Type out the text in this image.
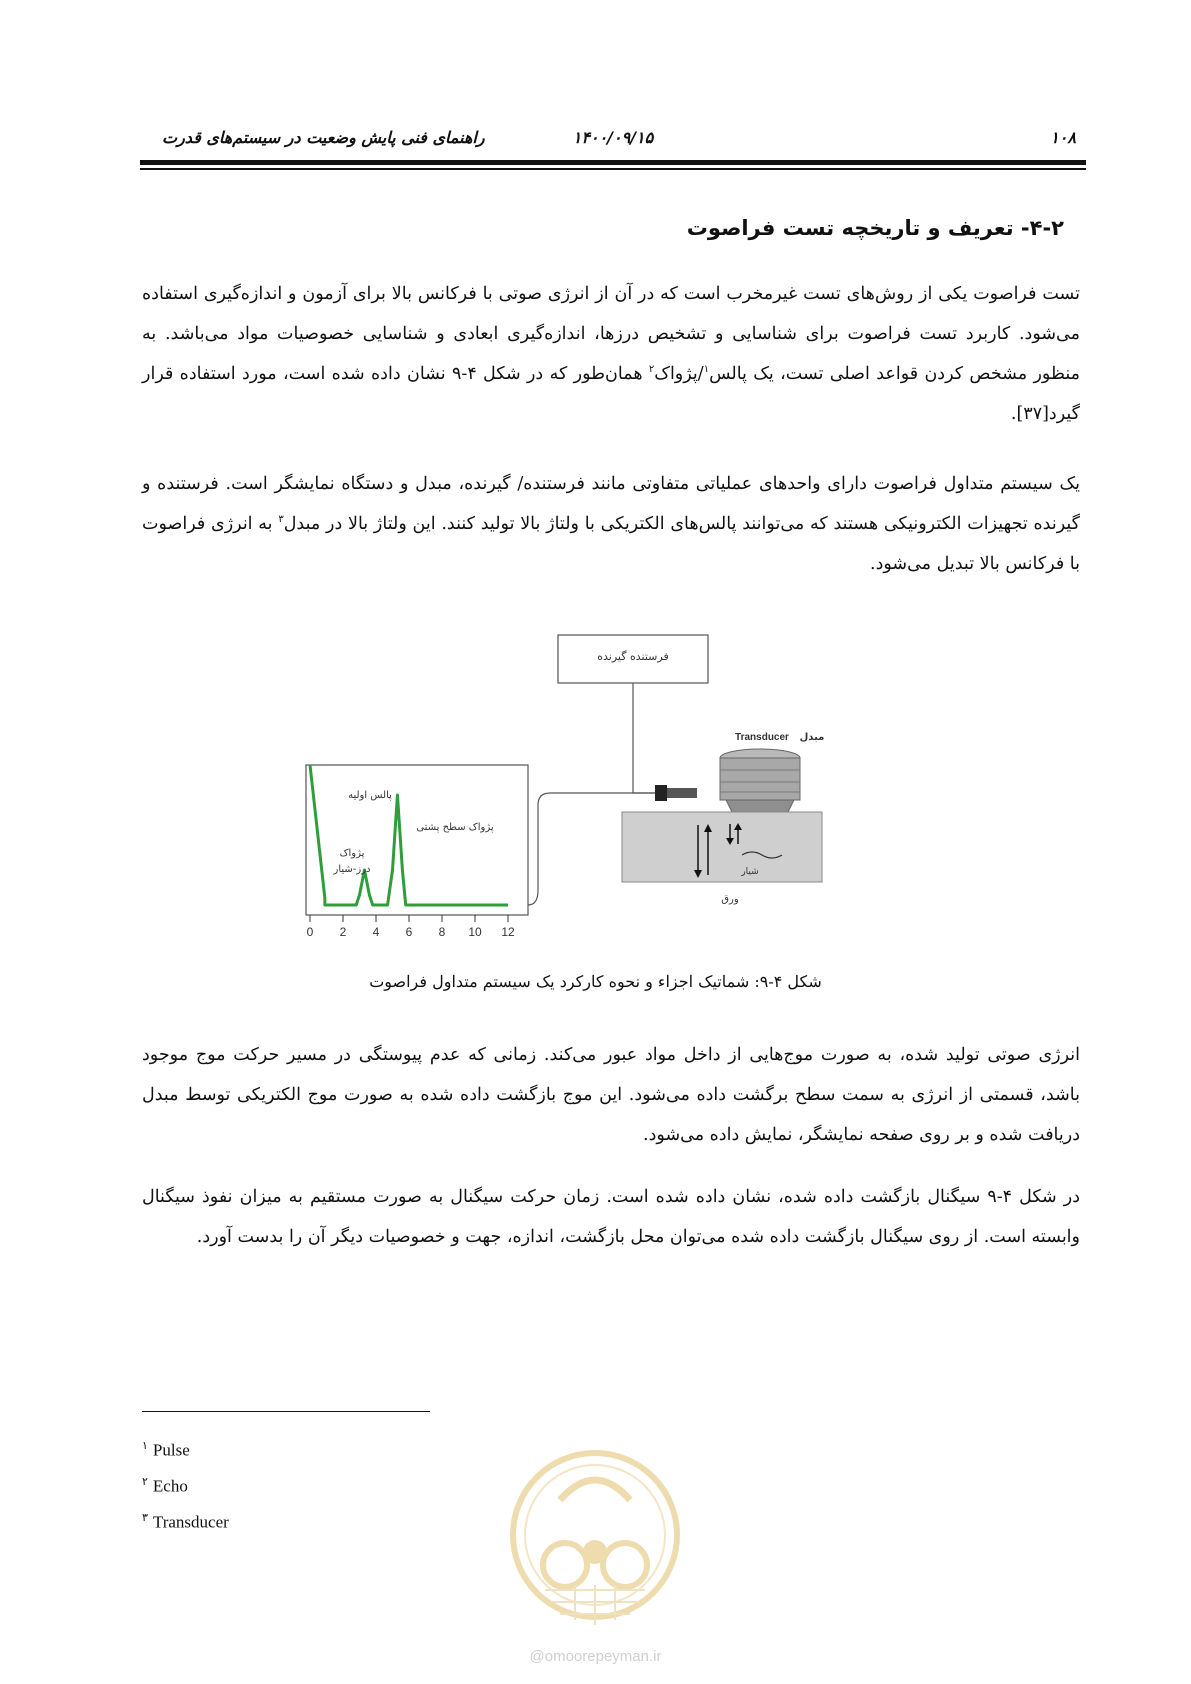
۱۰۸
۱۴۰۰/۰۹/۱۵
راهنمای فنی پایش وضعیت در سیستم‌های قدرت
۴-۲- تعریف و تاریخچه تست فراصوت
تست فراصوت یکی از روش‌های تست غیرمخرب است که در آن از انرژی صوتی با فرکانس بالا برای آزمون و اندازه‌گیری استفاده می‌شود. کاربرد تست فراصوت برای شناسایی و تشخیص درزها، اندازه‌گیری ابعادی و شناسایی خصوصیات مواد می‌باشد. به منظور مشخص کردن قواعد اصلی تست، یک پالس$^۱$/پژواک$^۲$ همان‌طور که در شکل ۴-۹ نشان داده شده است، مورد استفاده قرار گیرد[۳۷].
یک سیستم متداول فراصوت دارای واحدهای عملیاتی متفاوتی مانند فرستنده/ گیرنده، مبدل و دستگاه نمایشگر است. فرستنده و گیرنده تجهیزات الکترونیکی هستند که می‌توانند پالس‌های الکتریکی با ولتاژ بالا تولید کنند. این ولتاژ بالا در مبدل$^۳$ به انرژی فراصوت با فرکانس بالا تبدیل می‌شود.
فرستنده گیرنده
پالس اولیه
پژواک سطح پشتی
پژواک
درز-شیار
0 2 4 6 8 10 12
Transducer مبدل
شیار
ورق
شکل ۴-۹: شماتیک اجزاء و نحوه کارکرد یک سیستم متداول فراصوت
انرژی صوتی تولید شده، به صورت موج‌هایی از داخل مواد عبور می‌کند. زمانی که عدم پیوستگی در مسیر حرکت موج موجود باشد، قسمتی از انرژی به سمت سطح برگشت داده می‌شود. این موج بازگشت داده شده به صورت موج الکتریکی توسط مبدل دریافت شده و بر روی صفحه نمایشگر، نمایش داده می‌شود.
در شکل ۴-۹ سیگنال بازگشت داده شده، نشان داده شده است. زمان حرکت سیگنال به صورت مستقیم به میزان نفوذ سیگنال وابسته است. از روی سیگنال بازگشت داده شده می‌توان محل بازگشت، اندازه، جهت و خصوصیات دیگر آن را بدست آورد.
$^۱$ Pulse
$^۲$ Echo
$^۳$ Transducer
@omoorepeyman.ir
